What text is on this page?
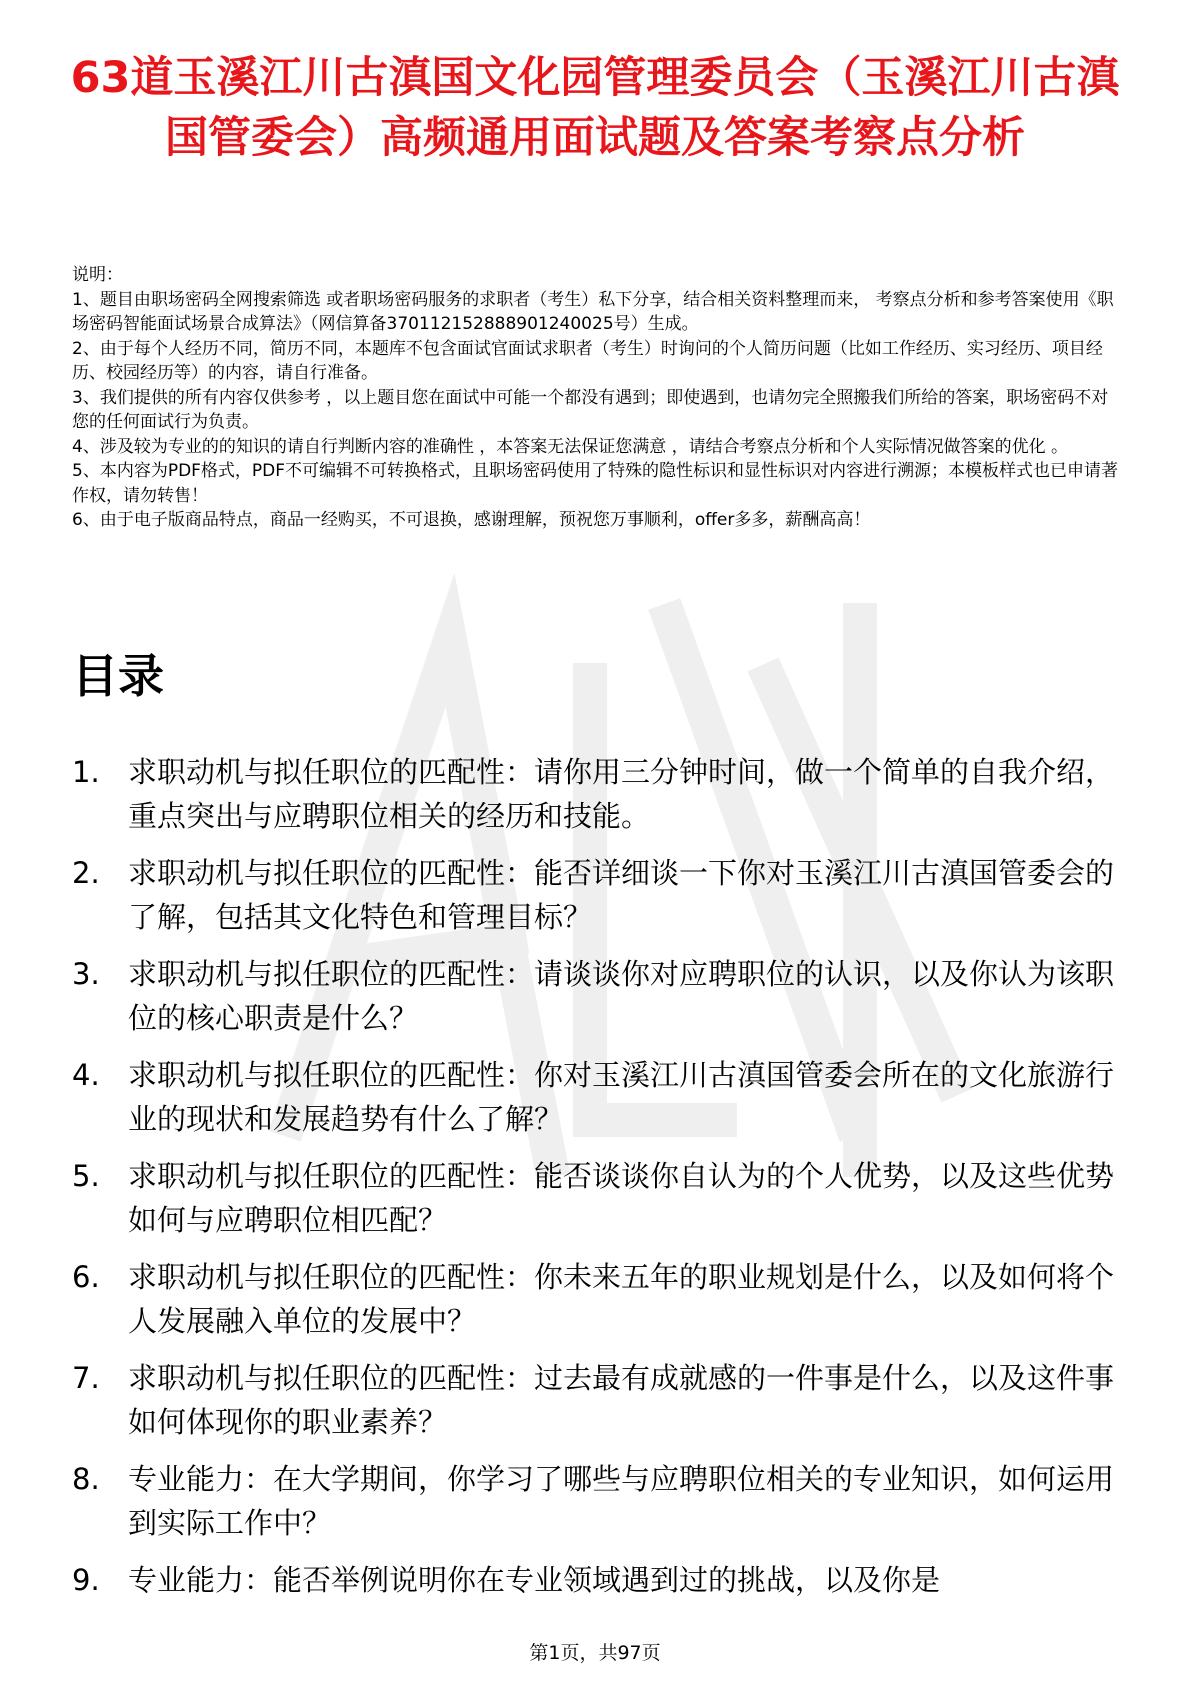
63道玉溪江川古滇国文化园管理委员会（玉溪江川古滇国管委会）高频通用面试题及答案考察点分析

说明：

1、题目由职场密码全网搜索筛选 或者职场密码服务的求职者（考生）私下分享，结合相关资料整理而来， 考察点分析和参考答案使用《职场密码智能面试场景合成算法》（网信算备370112152888901240025号）生成。

2、由于每个人经历不同，简历不同，本题库不包含面试官面试求职者（考生）时询问的个人简历问题（比如工作经历、实习经历、项目经历、校园经历等）的内容，请自行准备。

3、我们提供的所有内容仅供参考 ，以上题目您在面试中可能一个都没有遇到；即使遇到，也请勿完全照搬我们所给的答案，职场密码不对您的任何面试行为负责。

4、涉及较为专业的的知识的请自行判断内容的准确性 ，本答案无法保证您满意 ，请结合考察点分析和个人实际情况做答案的优化 。

5、本内容为PDF格式，PDF不可编辑不可转换格式，且职场密码使用了特殊的隐性标识和显性标识对内容进行溯源；本模板样式也已申请著作权，请勿转售！

6、由于电子版商品特点，商品一经购买，不可退换，感谢理解，预祝您万事顺利，offer多多，薪酬高高！

目录
1. 求职动机与拟任职位的匹配性：请你用三分钟时间，做一个简单的自我介绍，重点突出与应聘职位相关的经历和技能。
2. 求职动机与拟任职位的匹配性：能否详细谈一下你对玉溪江川古滇国管委会的了解，包括其文化特色和管理目标？
3. 求职动机与拟任职位的匹配性：请谈谈你对应聘职位的认识，以及你认为该职位的核心职责是什么？
4. 求职动机与拟任职位的匹配性：你对玉溪江川古滇国管委会所在的文化旅游行业的现状和发展趋势有什么了解？
5. 求职动机与拟任职位的匹配性：能否谈谈你自认为的个人优势，以及这些优势如何与应聘职位相匹配？
6. 求职动机与拟任职位的匹配性：你未来五年的职业规划是什么，以及如何将个人发展融入单位的发展中？
7. 求职动机与拟任职位的匹配性：过去最有成就感的一件事是什么，以及这件事如何体现你的职业素养？
8. 专业能力：在大学期间，你学习了哪些与应聘职位相关的专业知识，如何运用到实际工作中？
9. 专业能力：能否举例说明你在专业领域遇到过的挑战，以及你是
第1页，共97页
